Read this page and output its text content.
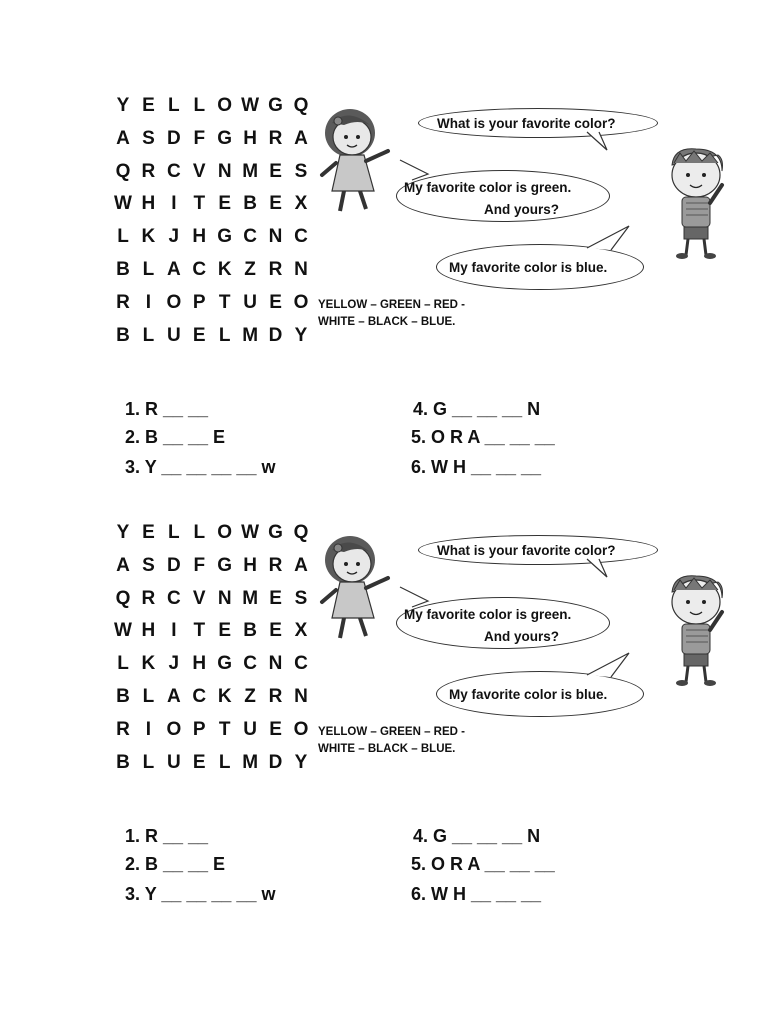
Y E L L O W G Q
A S D F G H R A
Q R C V N M E S
W H I T E B E X
L K J H G C N C
B L A C K Z R N
R I O P T U E O
B L U E L M D Y
What is your favorite color?
My favorite color is green.
And yours?
My favorite color is blue.
YELLOW – GREEN – RED -
WHITE – BLACK – BLUE.
1. R __ __
2. B __ __ E
3. Y __ __ __ __ w
4. G __ __ __ N
5. O R A __ __ __
6. W H __ __ __
Y E L L O W G Q
A S D F G H R A
Q R C V N M E S
W H I T E B E X
L K J H G C N C
B L A C K Z R N
R I O P T U E O
B L U E L M D Y
What is your favorite color?
My favorite color is green.
And yours?
My favorite color is blue.
YELLOW – GREEN – RED -
WHITE – BLACK – BLUE.
1. R __ __
2. B __ __ E
3. Y __ __ __ __ w
4. G __ __ __ N
5. O R A __ __ __
6. W H __ __ __
